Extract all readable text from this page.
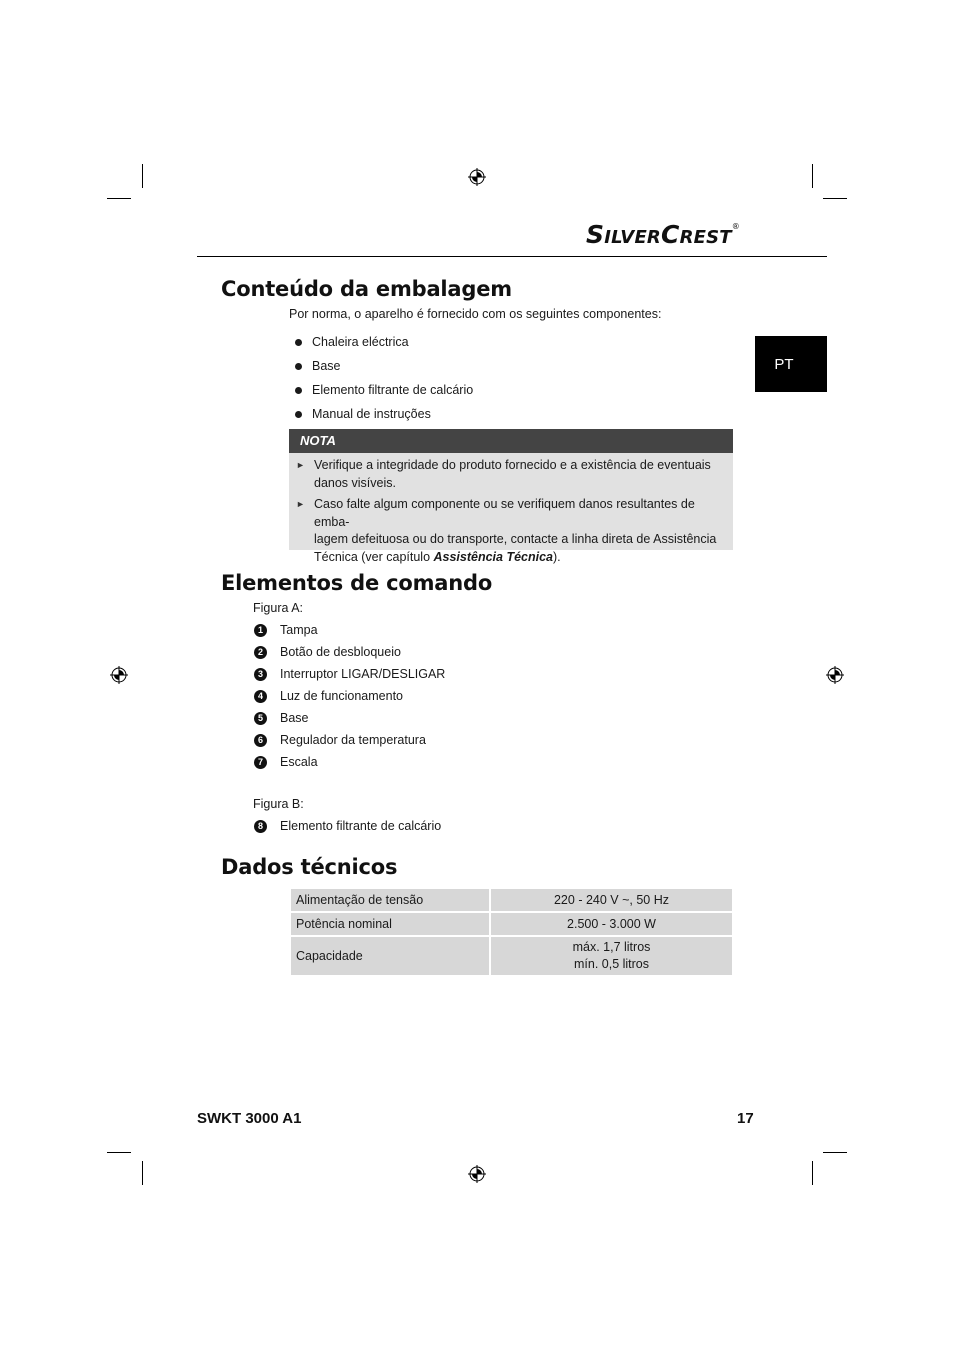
SILVERCREST®
PT
Conteúdo da embalagem
Por norma, o aparelho é fornecido com os seguintes componentes:
Chaleira eléctrica
Base
Elemento filtrante de calcário
Manual de instruções
NOTA
► Verifique a integridade do produto fornecido e a existência de eventuais danos visíveis.
► Caso falte algum componente ou se verifiquem danos resultantes de emba-
lagem defeituosa ou do transporte, contacte a linha direta de Assistência
Técnica (ver capítulo Assistência Técnica).
Elementos de comando
Figura A:
1	Tampa
2	Botão de desbloqueio
3	Interruptor LIGAR/DESLIGAR
4	Luz de funcionamento
5	Base
6	Regulador da temperatura
7	Escala
Figura B:
8	Elemento filtrante de calcário
Dados técnicos
Alimentação de tensão	220 - 240 V ~, 50 Hz
Potência nominal	2.500 - 3.000 W
Capacidade	máx. 1,7 litros
mín. 0,5 litros
SWKT 3000 A1	17
